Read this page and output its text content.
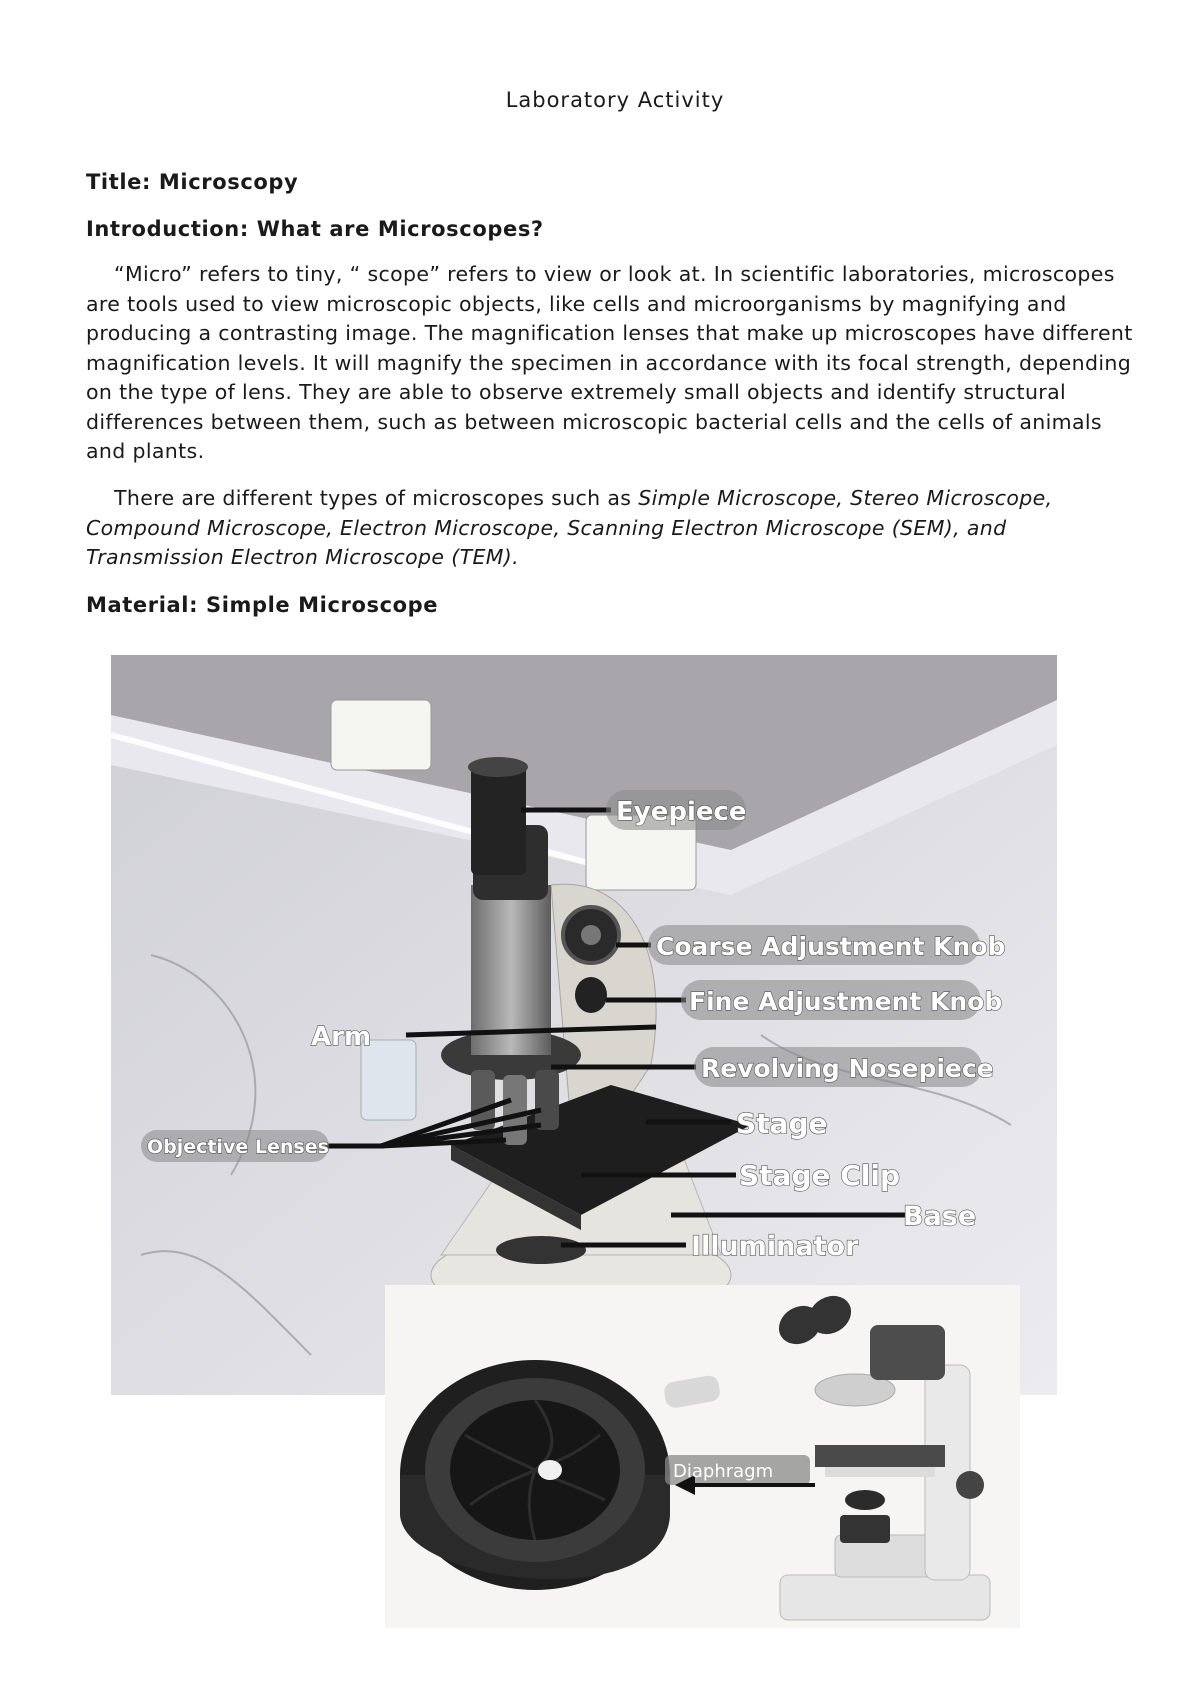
Laboratory Activity
Title: Microscopy
Introduction: What are Microscopes?
“Micro” refers to tiny, “ scope” refers to view or look at. In scientific laboratories, microscopes are tools used to view microscopic objects, like cells and microorganisms by magnifying and producing a contrasting image. The magnification lenses that make up microscopes have different magnification levels. It will magnify the specimen in accordance with its focal strength, depending on the type of lens. They are able to observe extremely small objects and identify structural differences between them, such as between microscopic bacterial cells and the cells of animals and plants.
There are different types of microscopes such as Simple Microscope, Stereo Microscope, Compound Microscope, Electron Microscope, Scanning Electron Microscope (SEM), and Transmission Electron Microscope (TEM).
Material: Simple Microscope
Eyepiece
Coarse Adjustment Knob
Fine Adjustment Knob
Arm
Revolving Nosepiece
Stage
Objective Lenses
Stage Clip
Base
Illuminator
Diaphragm
